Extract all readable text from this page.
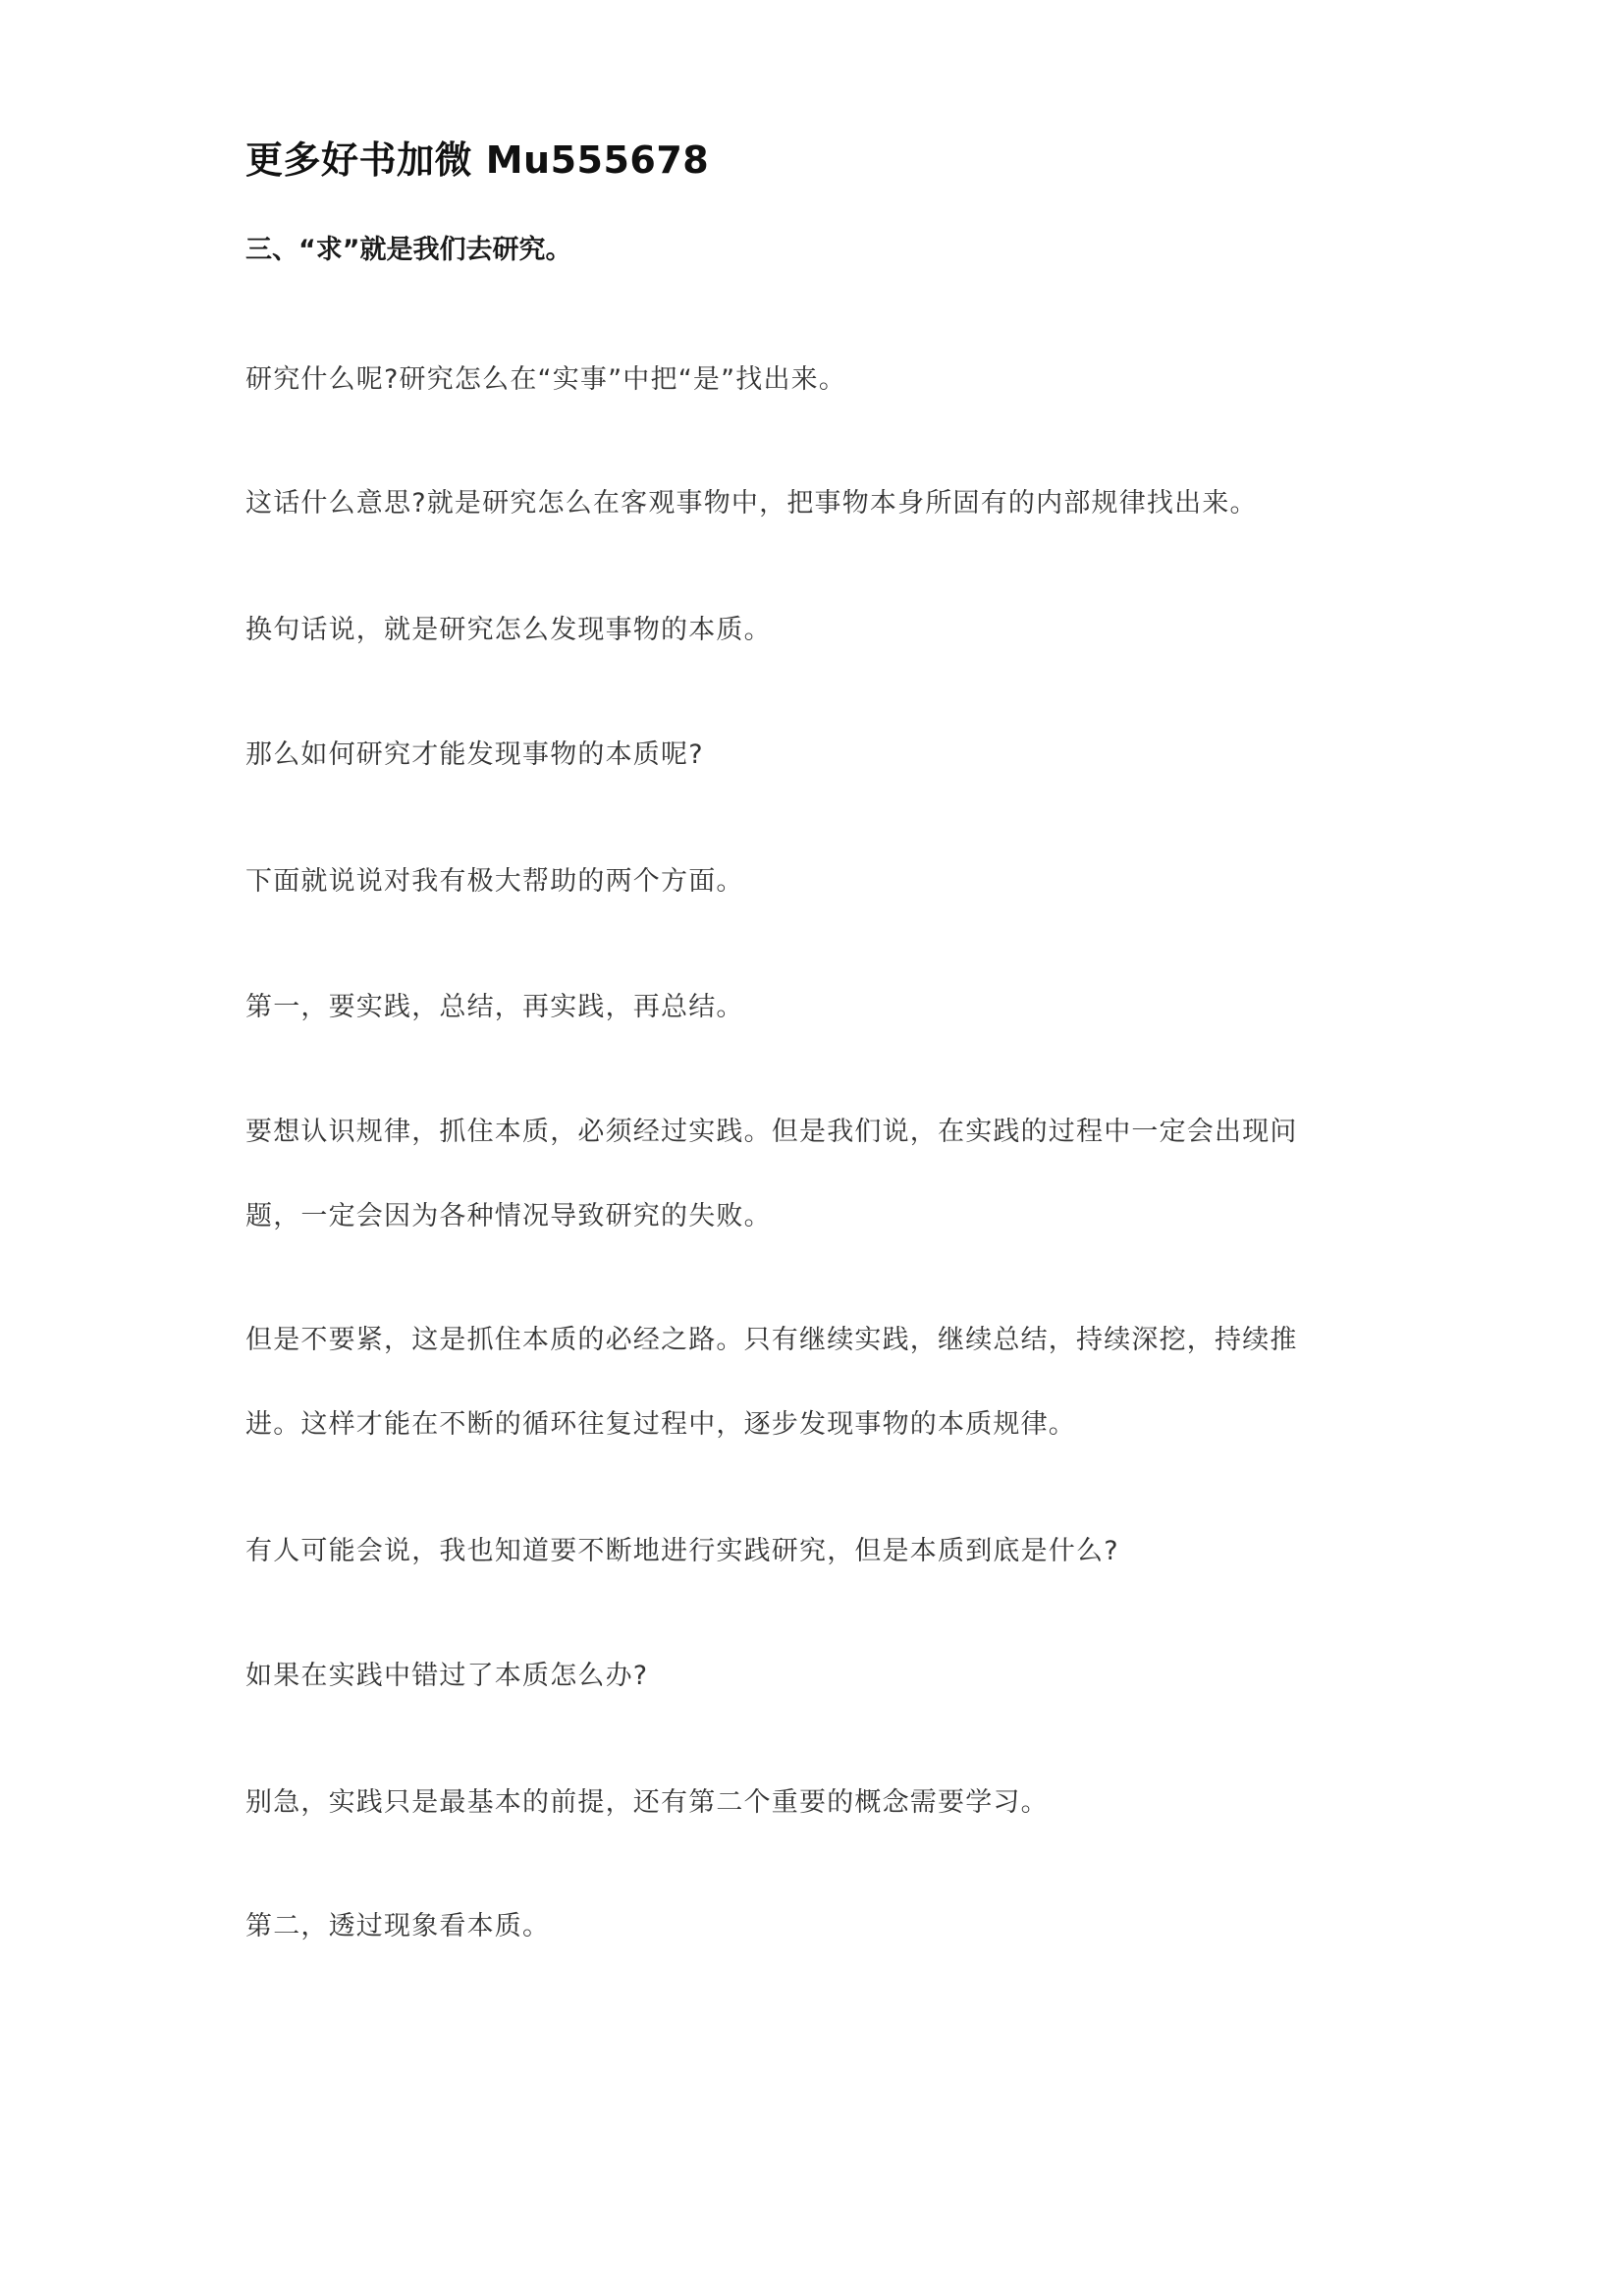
更多好书加微 Mu555678
三、“求”就是我们去研究。
研究什么呢?研究怎么在“实事”中把“是”找出来。
这话什么意思?就是研究怎么在客观事物中，把事物本身所固有的内部规律找出来。
换句话说，就是研究怎么发现事物的本质。
那么如何研究才能发现事物的本质呢?
下面就说说对我有极大帮助的两个方面。
第一，要实践，总结，再实践，再总结。
要想认识规律，抓住本质，必须经过实践。但是我们说，在实践的过程中一定会出现问
题，一定会因为各种情况导致研究的失败。
但是不要紧，这是抓住本质的必经之路。只有继续实践，继续总结，持续深挖，持续推
进。这样才能在不断的循环往复过程中，逐步发现事物的本质规律。
有人可能会说，我也知道要不断地进行实践研究，但是本质到底是什么?
如果在实践中错过了本质怎么办?
别急，实践只是最基本的前提，还有第二个重要的概念需要学习。
第二，透过现象看本质。
